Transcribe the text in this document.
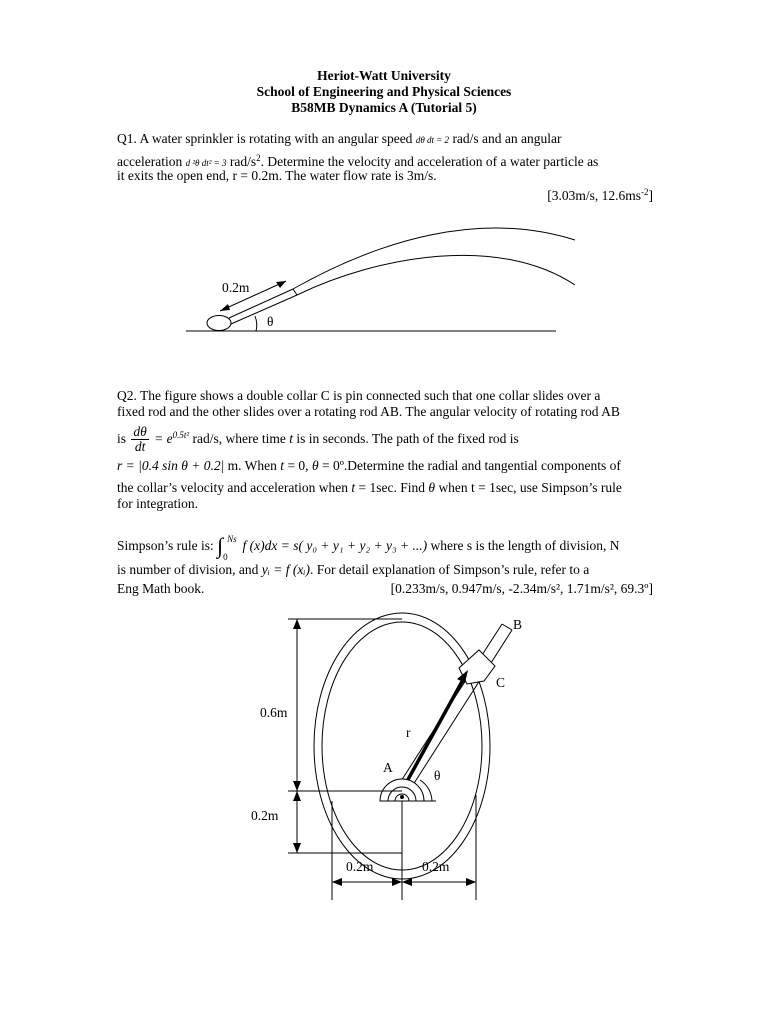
Heriot-Watt University
School of Engineering and Physical Sciences
B58MB Dynamics A (Tutorial 5)
Q1. A water sprinkler is rotating with an angular speed dθ dt = 2 rad/s and an angular
acceleration d ²θ dt² = 3 rad/$s^2$. Determine the velocity and acceleration of a water particle as
it exits the open end, r = 0.2m. The water flow rate is 3m/s.
[3.03m/s, $12.6ms^{-2}$]
0.2m
θ
Q2. The figure shows a double collar C is pin connected such that one collar slides over a
fixed rod and the other slides over a rotating rod AB. The angular velocity of rotating rod AB
is $\frac{d\theta}{dt} = e^{0.5t^2}$ rad/s, where time t is in seconds. The path of the fixed rod is
r = |0.4 sin θ + 0.2| m. When t = 0, θ = 0º.Determine the radial and tangential components of
the collar’s velocity and acceleration when t = 1sec. Find θ when t = 1sec, use Simpson’s rule
for integration.
Simpson’s rule is: ∫ Ns
0
f (x)dx = s( y₀ + y₁ + y₂ + y₃ + ...) where s is the length of division, N
is number of division, and yᵢ = f (xᵢ). For detail explanation of Simpson’s rule, refer to a
Eng Math book.	[0.233m/s, 0.947m/s, -2.34m/s², 1.71m/s², 69.3º]
B
C
r
A
θ
0.6m
0.2m
0.2m	0.2m
